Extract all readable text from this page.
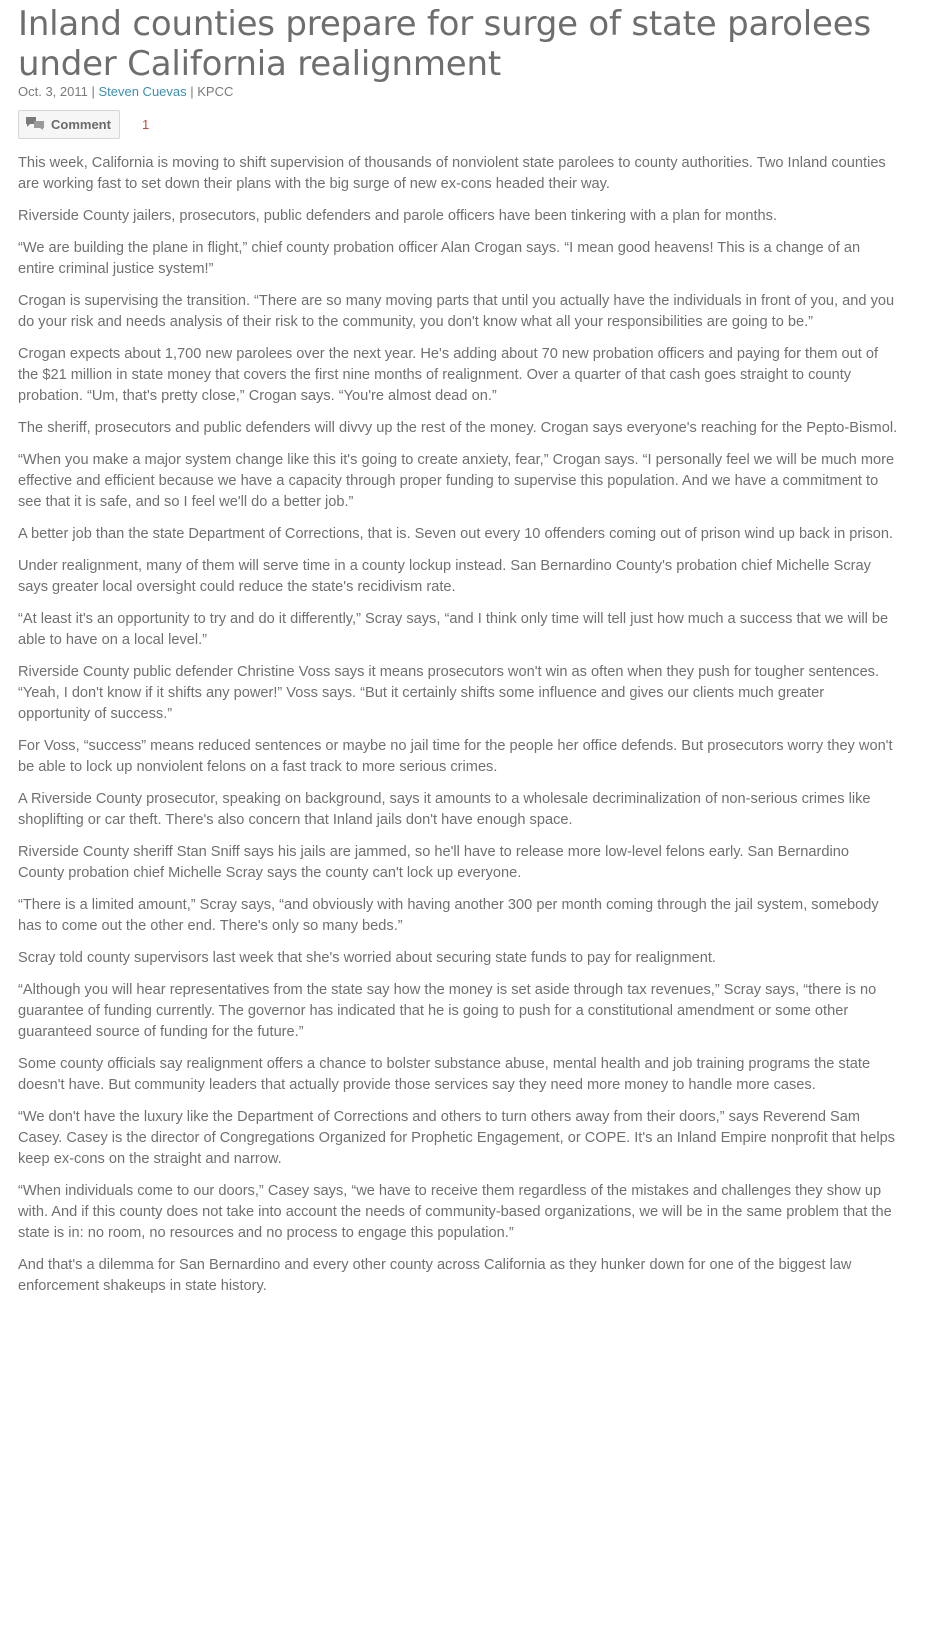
Inland counties prepare for surge of state parolees under California realignment
Oct. 3, 2011 | Steven Cuevas | KPCC
Comment 1

This week, California is moving to shift supervision of thousands of nonviolent state parolees to county authorities. Two Inland counties are working fast to set down their plans with the big surge of new ex-cons headed their way.

Riverside County jailers, prosecutors, public defenders and parole officers have been tinkering with a plan for months.

“We are building the plane in flight,” chief county probation officer Alan Crogan says. “I mean good heavens! This is a change of an entire criminal justice system!”

Crogan is supervising the transition. “There are so many moving parts that until you actually have the individuals in front of you, and you do your risk and needs analysis of their risk to the community, you don't know what all your responsibilities are going to be.”

Crogan expects about 1,700 new parolees over the next year. He's adding about 70 new probation officers and paying for them out of the $21 million in state money that covers the first nine months of realignment. Over a quarter of that cash goes straight to county probation. “Um, that's pretty close,” Crogan says. “You're almost dead on.”

The sheriff, prosecutors and public defenders will divvy up the rest of the money. Crogan says everyone's reaching for the Pepto-Bismol.

“When you make a major system change like this it's going to create anxiety, fear,” Crogan says. “I personally feel we will be much more effective and efficient because we have a capacity through proper funding to supervise this population. And we have a commitment to see that it is safe, and so I feel we'll do a better job.”

A better job than the state Department of Corrections, that is. Seven out every 10 offenders coming out of prison wind up back in prison.

Under realignment, many of them will serve time in a county lockup instead. San Bernardino County's probation chief Michelle Scray says greater local oversight could reduce the state's recidivism rate.

“At least it's an opportunity to try and do it differently,” Scray says, “and I think only time will tell just how much a success that we will be able to have on a local level.”

Riverside County public defender Christine Voss says it means prosecutors won't win as often when they push for tougher sentences. “Yeah, I don't know if it shifts any power!” Voss says. “But it certainly shifts some influence and gives our clients much greater opportunity of success.”

For Voss, “success” means reduced sentences or maybe no jail time for the people her office defends. But prosecutors worry they won't be able to lock up nonviolent felons on a fast track to more serious crimes.

A Riverside County prosecutor, speaking on background, says it amounts to a wholesale decriminalization of non-serious crimes like shoplifting or car theft. There's also concern that Inland jails don't have enough space.

Riverside County sheriff Stan Sniff says his jails are jammed, so he'll have to release more low-level felons early. San Bernardino County probation chief Michelle Scray says the county can't lock up everyone.

“There is a limited amount,” Scray says, “and obviously with having another 300 per month coming through the jail system, somebody has to come out the other end. There's only so many beds.”

Scray told county supervisors last week that she's worried about securing state funds to pay for realignment.

“Although you will hear representatives from the state say how the money is set aside through tax revenues,” Scray says, “there is no guarantee of funding currently. The governor has indicated that he is going to push for a constitutional amendment or some other guaranteed source of funding for the future.”

Some county officials say realignment offers a chance to bolster substance abuse, mental health and job training programs the state doesn't have. But community leaders that actually provide those services say they need more money to handle more cases.

“We don't have the luxury like the Department of Corrections and others to turn others away from their doors,” says Reverend Sam Casey. Casey is the director of Congregations Organized for Prophetic Engagement, or COPE. It's an Inland Empire nonprofit that helps keep ex-cons on the straight and narrow.

“When individuals come to our doors,” Casey says, “we have to receive them regardless of the mistakes and challenges they show up with. And if this county does not take into account the needs of community-based organizations, we will be in the same problem that the state is in: no room, no resources and no process to engage this population.”

And that's a dilemma for San Bernardino and every other county across California as they hunker down for one of the biggest law enforcement shakeups in state history.
